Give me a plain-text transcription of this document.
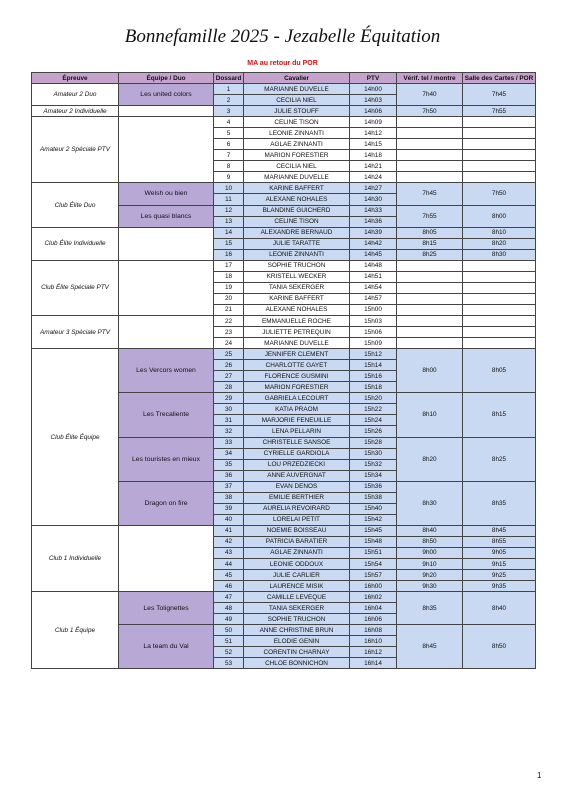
Bonnefamille 2025 - Jezabelle Équitation
MA au retour du POR
Épreuve	Équipe / Duo	Dossard	Cavalier	PTV	Vérif. tel / montre	Salle des Cartes / POR
Amateur 2 Duo	Les united colors	1	MARIANNE DUVELLE	14h00	7h40	7h45
		2	CECILIA NIEL	14h03		
Amateur 2 Individuelle		3	JULIE STOUFF	14h06	7h50	7h55
Amateur 2 Spéciale PTV		4	CELINE TISON	14h09		
		5	LEONIE ZINNANTI	14h12		
		6	AGLAE ZINNANTI	14h15		
		7	MARION FORESTIER	14h18		
		8	CECILIA NIEL	14h21		
		9	MARIANNE DUVELLE	14h24		
Club Élite Duo	Welsh ou bien	10	KARINE BAFFERT	14h27	7h45	7h50
		11	ALEXANE NOHALES	14h30		
	Les quasi blancs	12	BLANDINE GUICHERD	14h33	7h55	8h00
		13	CELINE TISON	14h36		
Club Élite Individuelle		14	ALEXANDRE BERNAUD	14h39	8h05	8h10
		15	JULIE TARATTE	14h42	8h15	8h20
		16	LEONIE ZINNANTI	14h45	8h25	8h30
Club Élite Spéciale PTV		17	SOPHIE TRUCHON	14h48		
		18	KRISTELL WECKER	14h51		
		19	TANIA SEKERGER	14h54		
		20	KARINE BAFFERT	14h57		
		21	ALEXANE NOHALES	15h00		
Amateur 3 Spéciale PTV		22	EMMANUELLE ROCHE	15h03		
		23	JULIETTE PETREQUIN	15h06		
		24	MARIANNE DUVELLE	15h09		
Club Élite Équipe	Les Vercors women	25	JENNIFER CLEMENT	15h12	8h00	8h05
		26	CHARLOTTE GAYET	15h14		
		27	FLORENCE GUSMINI	15h16		
		28	MARION FORESTIER	15h18		
	Les Trecaliente	29	GABRIELA LECOURT	15h20	8h10	8h15
		30	KATIA PRAOM	15h22		
		31	MARJORIE FENEUILLE	15h24		
		32	LENA PELLARIN	15h26		
	Les touristes en mieux	33	CHRISTELLE SANSOE	15h28	8h20	8h25
		34	CYRIELLE GARDIOLA	15h30		
		35	LOU PRZEDZIECKI	15h32		
		36	ANNE AUVERGNAT	15h34		
	Dragon on fire	37	EVAN DENOS	15h36	8h30	8h35
		38	EMILIE BERTHIER	15h38		
		39	AURELIA REVOIRARD	15h40		
		40	LORELAI PETIT	15h42		
Club 1 Individuelle		41	NOEMIE BOISSEAU	15h45	8h40	8h45
		42	PATRICIA BARATIER	15h48	8h50	8h55
		43	AGLAE ZINNANTI	15h51	9h00	9h05
		44	LEONIE ODDOUX	15h54	9h10	9h15
		45	JULIE CARLIER	15h57	9h20	9h25
		46	LAURENCE MISIK	16h00	9h30	9h35
Club 1 Équipe	Les Tolignettes	47	CAMILLE LEVEQUE	16h02	8h35	8h40
		48	TANIA SEKERGER	16h04		
		49	SOPHIE TRUCHON	16h06		
	La team du Val	50	ANNE CHRISTINE BRUN	16h08	8h45	8h50
		51	ELODIE GENIN	16h10		
		52	CORENTIN CHARNAY	16h12		
		53	CHLOE BONNICHON	16h14		
1
